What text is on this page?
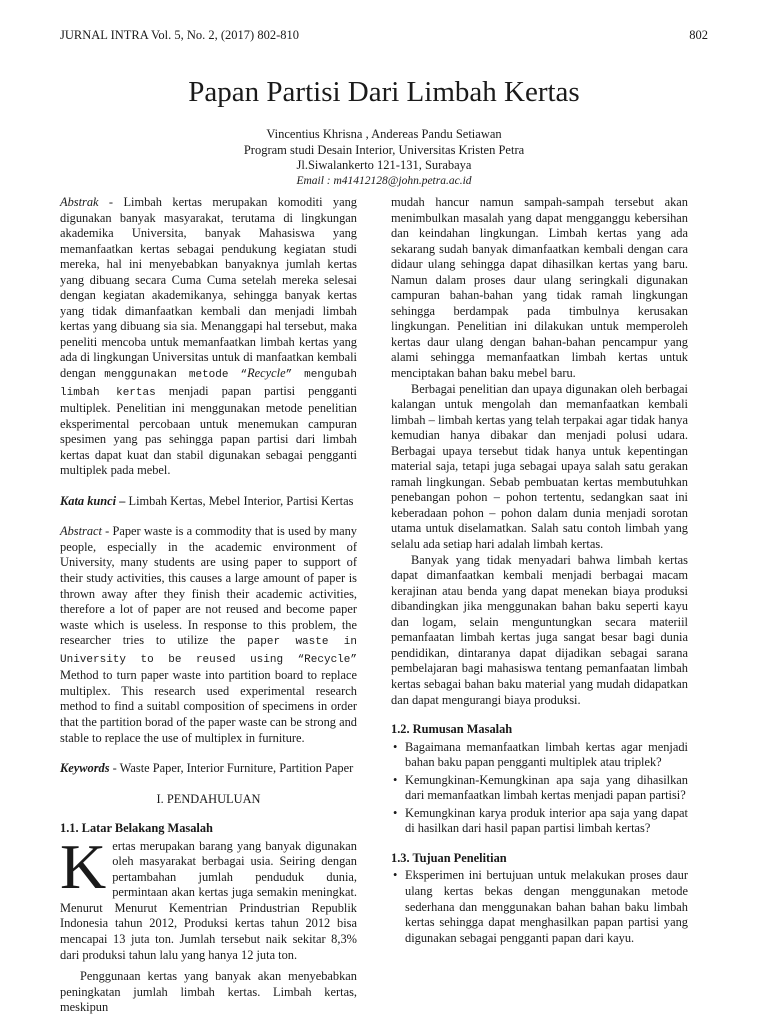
JURNAL INTRA Vol. 5, No. 2, (2017) 802-810	802
Papan Partisi Dari Limbah Kertas
Vincentius Khrisna , Andereas Pandu Setiawan
Program studi Desain Interior, Universitas Kristen Petra
Jl.Siwalankerto 121-131, Surabaya
Email : m41412128@john.petra.ac.id

Abstrak - Limbah kertas merupakan komoditi yang digunakan banyak masyarakat, terutama di lingkungan akademika Universita, banyak Mahasiswa yang memanfaatkan kertas sebagai pendukung kegiatan studi mereka, hal ini menyebabkan banyaknya jumlah kertas yang dibuang secara Cuma Cuma setelah mereka selesai dengan kegiatan akademikanya, sehingga banyak kertas yang tidak dimanfaatkan kembali dan menjadi limbah kertas yang dibuang sia sia. Menanggapi hal tersebut, maka peneliti mencoba untuk memanfaatkan limbah kertas yang ada di lingkungan Universitas untuk di manfaatkan kembali dengan menggunakan metode “Recycle” mengubah limbah kertas menjadi papan partisi pengganti multiplek. Penelitian ini menggunakan metode penelitian eksperimental percobaan untuk menemukan campuran spesimen yang pas sehingga papan partisi dari limbah kertas dapat kuat dan stabil digunakan sebagai pengganti multiplek pada mebel.

Kata kunci – Limbah Kertas, Mebel Interior, Partisi Kertas

Abstract - Paper waste is a commodity that is used by many people, especially in the academic environment of University, many students are using paper to support of their study activities, this causes a large amount of paper is thrown away after they finish their academic activities, therefore a lot of paper are not reused and become paper waste which is useless. In response to this problem, the researcher tries to utilize the paper waste in University to be reused using “Recycle” Method to turn paper waste into partition board to replace multiplex. This research used experimental research method to find a suitabl composition of specimens in order that the partition borad of the paper waste can be strong and stable to replace the use of multiplex in furniture.

Keywords - Waste Paper, Interior Furniture, Partition Paper

I. PENDAHULUAN

1.1. Latar Belakang Masalah

Kertas merupakan barang yang banyak digunakan oleh masyarakat berbagai usia. Seiring dengan pertambahan jumlah penduduk dunia, permintaan akan kertas juga semakin meningkat. Menurut Menurut Kementrian Prindustrian Republik Indonesia tahun 2012, Produksi kertas tahun 2012 bisa mencapai 13 juta ton. Jumlah tersebut naik sekitar 8,3% dari produksi tahun lalu yang hanya 12 juta ton.

Penggunaan kertas yang banyak akan menyebabkan peningkatan jumlah limbah kertas. Limbah kertas, meskipun

mudah hancur namun sampah-sampah tersebut akan menimbulkan masalah yang dapat mengganggu kebersihan dan keindahan lingkungan. Limbah kertas yang ada sekarang sudah banyak dimanfaatkan kembali dengan cara didaur ulang sehingga dapat dihasilkan kertas yang baru. Namun dalam proses daur ulang seringkali digunakan campuran bahan-bahan yang tidak ramah lingkungan sehingga berdampak pada timbulnya kerusakan lingkungan. Penelitian ini dilakukan untuk memperoleh kertas daur ulang dengan bahan-bahan pencampur yang alami sehingga memanfaatkan limbah kertas untuk menciptakan bahan baku mebel baru.

Berbagai penelitian dan upaya digunakan oleh berbagai kalangan untuk mengolah dan memanfaatkan kembali limbah – limbah kertas yang telah terpakai agar tidak hanya kemudian hanya dibakar dan menjadi polusi udara. Berbagai upaya tersebut tidak hanya untuk kepentingan material saja, tetapi juga sebagai upaya salah satu gerakan ramah lingkungan. Sebab pembuatan kertas membutuhkan penebangan pohon – pohon tertentu, sedangkan saat ini keberadaan pohon – pohon dalam dunia menjadi sorotan utama untuk diselamatkan. Salah satu contoh limbah yang selalu ada setiap hari adalah limbah kertas.

Banyak yang tidak menyadari bahwa limbah kertas dapat dimanfaatkan kembali menjadi berbagai macam kerajinan atau benda yang dapat menekan biaya produksi dibandingkan jika menggunakan bahan baku seperti kayu dan logam, selain menguntungkan secara materiil pemanfaatan limbah kertas juga sangat besar bagi dunia pendidikan, dintaranya dapat dijadikan sebagai sarana pembelajaran bagi mahasiswa tentang pemanfaatan limbah kertas sebagai bahan baku material yang mudah didapatkan dan dapat mengurangi biaya produksi.

1.2. Rumusan Masalah

• Bagaimana memanfaatkan limbah kertas agar menjadi bahan baku papan pengganti multiplek atau triplek?
• Kemungkinan-Kemungkinan apa saja yang dihasilkan dari memanfaatkan limbah kertas menjadi papan partisi?
• Kemungkinan karya produk interior apa saja yang dapat di hasilkan dari hasil papan partisi limbah kertas?

1.3. Tujuan Penelitian

• Eksperimen ini bertujuan untuk melakukan proses daur ulang kertas bekas dengan menggunakan metode sederhana dan menggunakan bahan bahan baku limbah kertas sehingga dapat menghasilkan papan partisi yang digunakan sebagai pengganti papan dari kayu.
